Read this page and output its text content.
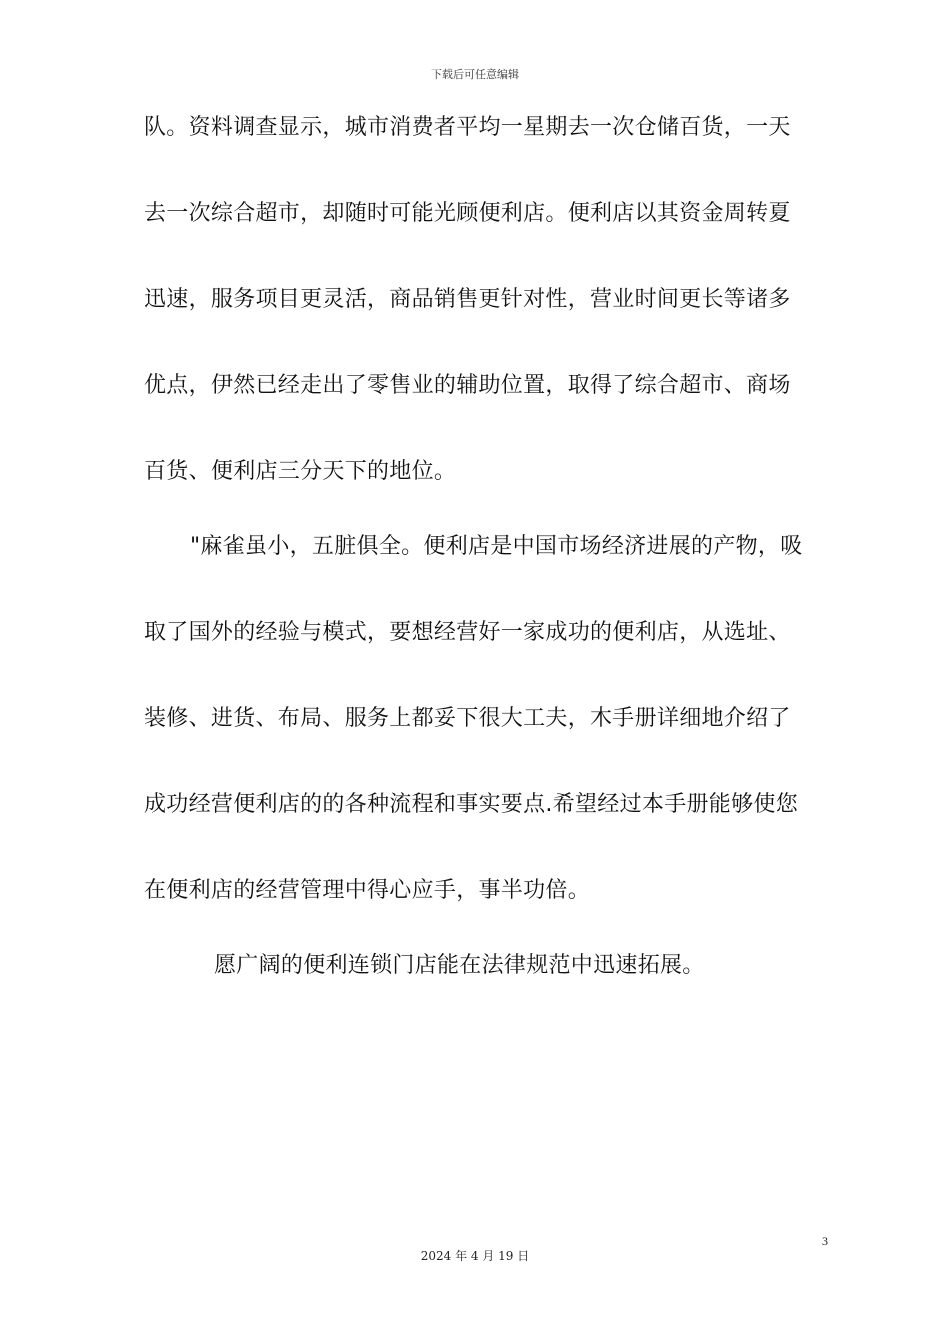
下载后可任意编辑
队。资料调查显示，城市消费者平均一星期去一次仓储百货，一天
去一次综合超市，却随时可能光顾便利店。便利店以其资金周转夏
迅速，服务项目更灵活，商品销售更针对性，营业时间更长等诸多
优点，伊然已经走出了零售业的辅助位置，取得了综合超市、商场
百货、便利店三分天下的地位。
"麻雀虽小，五脏俱全。便利店是中国市场经济进展的产物，吸
取了国外的经验与模式，要想经营好一家成功的便利店，从选址、
装修、进货、布局、服务上都妥下很大工夫，木手册详细地介绍了
成功经营便利店的的各种流程和事实要点.希望经过本手册能够使您
在便利店的经营管理中得心应手，事半功倍。
愿广阔的便利连锁门店能在法律规范中迅速拓展。
3
2024 年 4 月 19 日
